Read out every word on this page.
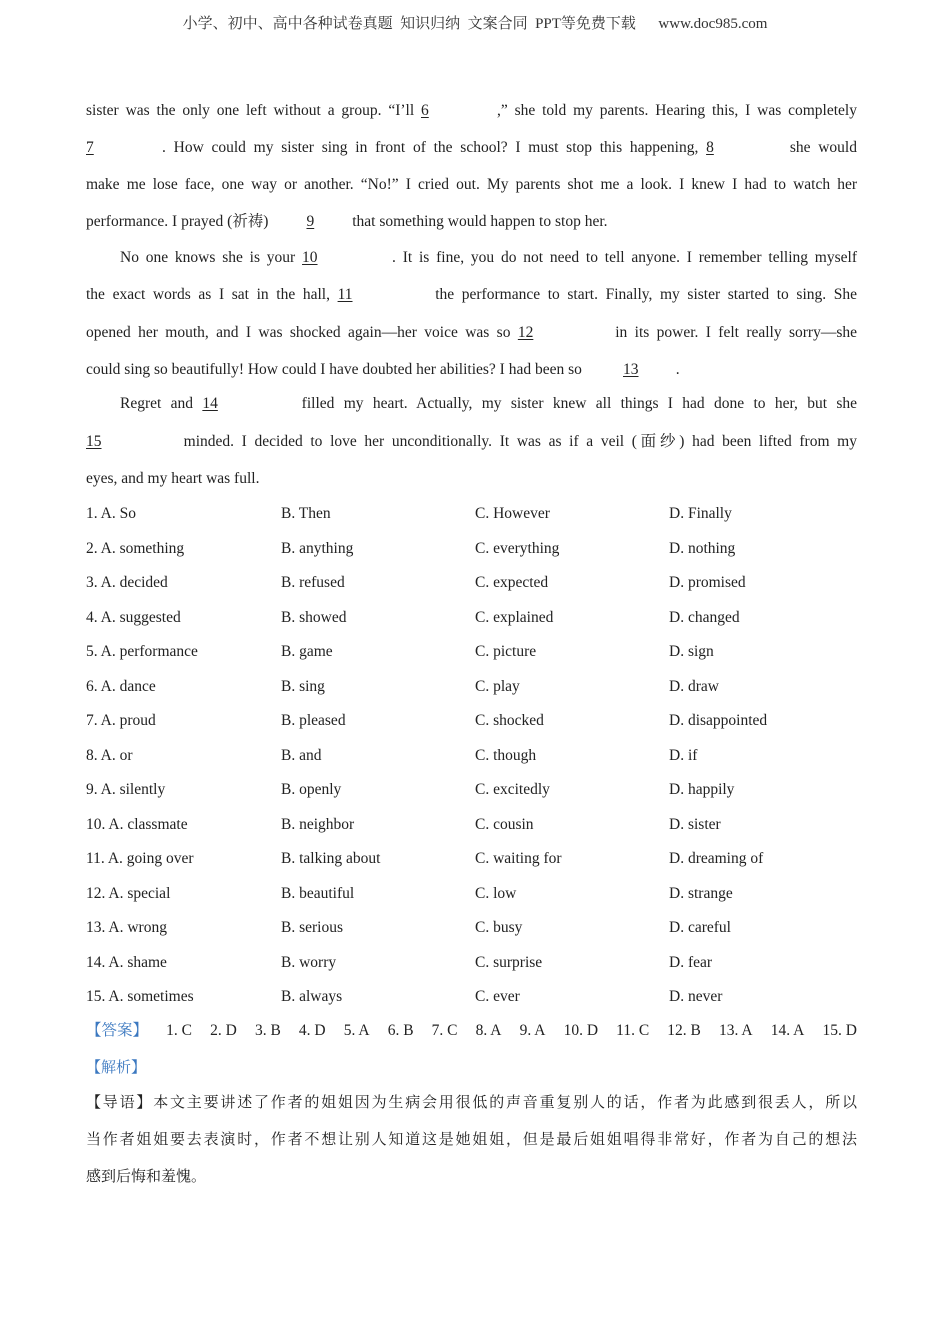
小学、初中、高中各种试卷真题  知识归纳  文案合同  PPT等免费下载      www.doc985.com
sister was the only one left without a group. “I’ll 6	,” she told my parents. Hearing this, I was completely
7	. How could my sister sing in front of the school? I must stop this happening, 8	she would
make me lose face, one way or another. “No!” I cried out. My parents shot me a look. I knew I had to watch her
performance. I prayed (祈祷) 9 that something would happen to stop her.
No one knows she is your 10	. It is fine, you do not need to tell anyone. I remember telling myself
the exact words as I sat in the hall, 11	the performance to start. Finally, my sister started to sing. She
opened her mouth, and I was shocked again—her voice was so 12	in its power. I felt really sorry—she
could sing so beautifully! How could I have doubted her abilities? I had been so 13 .
Regret and 14	filled my heart. Actually, my sister knew all things I had done to her, but she
15	minded. I decided to love her unconditionally. It was as if a veil (面纱) had been lifted from my
eyes, and my heart was full.
1. A. So	B. Then	C. However	D. Finally
2. A. something	B. anything	C. everything	D. nothing
3. A. decided	B. refused	C. expected	D. promised
4. A. suggested	B. showed	C. explained	D. changed
5. A. performance	B. game	C. picture	D. sign
6. A. dance	B. sing	C. play	D. draw
7. A. proud	B. pleased	C. shocked	D. disappointed
8. A. or	B. and	C. though	D. if
9. A. silently	B. openly	C. excitedly	D. happily
10. A. classmate	B. neighbor	C. cousin	D. sister
11. A. going over	B. talking about	C. waiting for	D. dreaming of
12. A. special	B. beautiful	C. low	D. strange
13. A. wrong	B. serious	C. busy	D. careful
14. A. shame	B. worry	C. surprise	D. fear
15. A. sometimes	B. always	C. ever	D. never
【答案】 1. C 2. D 3. B 4. D 5. A 6. B 7. C 8. A 9. A 10. D 11. C 12. B 13. A 14. A 15. D
【解析】
【导语】本文主要讲述了作者的姐姐因为生病会用很低的声音重复别人的话，作者为此感到很丢人，所以
当作者姐姐要去表演时，作者不想让别人知道这是她姐姐，但是最后姐姐唱得非常好，作者为自己的想法
感到后悔和羞愧。
